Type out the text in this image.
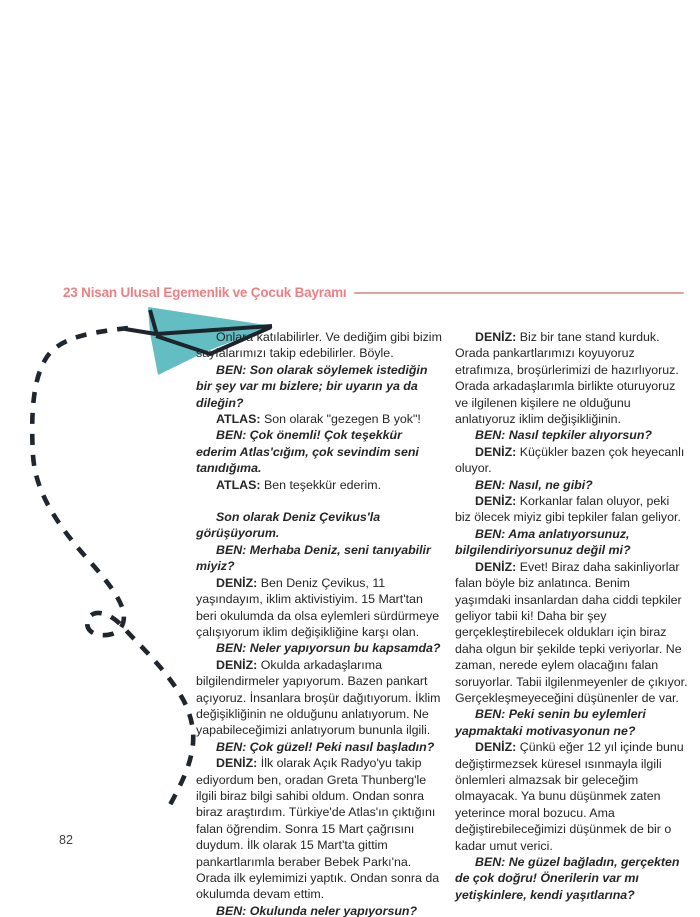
23 Nisan Ulusal Egemenlik ve Çocuk Bayramı

Onlara katılabilirler. Ve dediğim gibi bizim sayfalarımızı takip edebilirler. Böyle.

BEN: Son olarak söylemek istediğin bir şey var mı bizlere; bir uyarın ya da dileğin?

ATLAS: Son olarak "gezegen B yok"!

BEN: Çok önemli! Çok teşekkür ederim Atlas'cığım, çok sevindim seni tanıdığıma.

ATLAS: Ben teşekkür ederim.

Son olarak Deniz Çevikus'la görüşüyorum.

BEN: Merhaba Deniz, seni tanıyabilir miyiz?

DENİZ: Ben Deniz Çevikus, 11 yaşındayım, iklim aktivistiyim. 15 Mart'tan beri okulumda da olsa eylemleri sürdürmeye çalışıyorum iklim değişikliğine karşı olan.

BEN: Neler yapıyorsun bu kapsamda?

DENİZ: Okulda arkadaşlarıma bilgilendirmeler yapıyorum. Bazen pankart açıyoruz. İnsanlara broşür dağıtıyorum. İklim değişikliğinin ne olduğunu anlatıyorum. Ne yapabileceğimizi anlatıyorum bununla ilgili.

BEN: Çok güzel! Peki nasıl başladın?

DENİZ: İlk olarak Açık Radyo'yu takip ediyordum ben, oradan Greta Thunberg'le ilgili biraz bilgi sahibi oldum. Ondan sonra biraz araştırdım. Türkiye'de Atlas'ın çıktığını falan öğrendim. Sonra 15 Mart çağrısını duydum. İlk olarak 15 Mart'ta gittim pankartlarımla beraber Bebek Parkı'na. Orada ilk eylemimizi yaptık. Ondan sonra da okulumda devam ettim.

BEN: Okulunda neler yapıyorsun?

DENİZ: Biz bir tane stand kurduk. Orada pankartlarımızı koyuyoruz etrafımıza, broşürlerimizi de hazırlıyoruz. Orada arkadaşlarımla birlikte oturuyoruz ve ilgilenen kişilere ne olduğunu anlatıyoruz iklim değişikliğinin.

BEN: Nasıl tepkiler alıyorsun?

DENİZ: Küçükler bazen çok heyecanlı oluyor.

BEN: Nasıl, ne gibi?

DENİZ: Korkanlar falan oluyor, peki biz ölecek miyiz gibi tepkiler falan geliyor.

BEN: Ama anlatıyorsunuz, bilgilendiriyorsunuz değil mi?

DENİZ: Evet! Biraz daha sakinliyorlar falan böyle biz anlatınca. Benim yaşımdaki insanlardan daha ciddi tepkiler geliyor tabii ki! Daha bir şey gerçekleştirebilecek oldukları için biraz daha olgun bir şekilde tepki veriyorlar. Ne zaman, nerede eylem olacağını falan soruyorlar. Tabii ilgilenmeyenler de çıkıyor. Gerçekleşmeyeceğini düşünenler de var.

BEN: Peki senin bu eylemleri yapmaktaki motivasyonun ne?

DENİZ: Çünkü eğer 12 yıl içinde bunu değiştirmezsek küresel ısınmayla ilgili önlemleri almazsak bir geleceğim olmayacak. Ya bunu düşünmek zaten yeterince moral bozucu. Ama değiştirebileceğimizi düşünmek de bir o kadar umut verici.

BEN: Ne güzel bağladın, gerçekten de çok doğru! Önerilerin var mı yetişkinlere, kendi yaşıtlarına?

82
